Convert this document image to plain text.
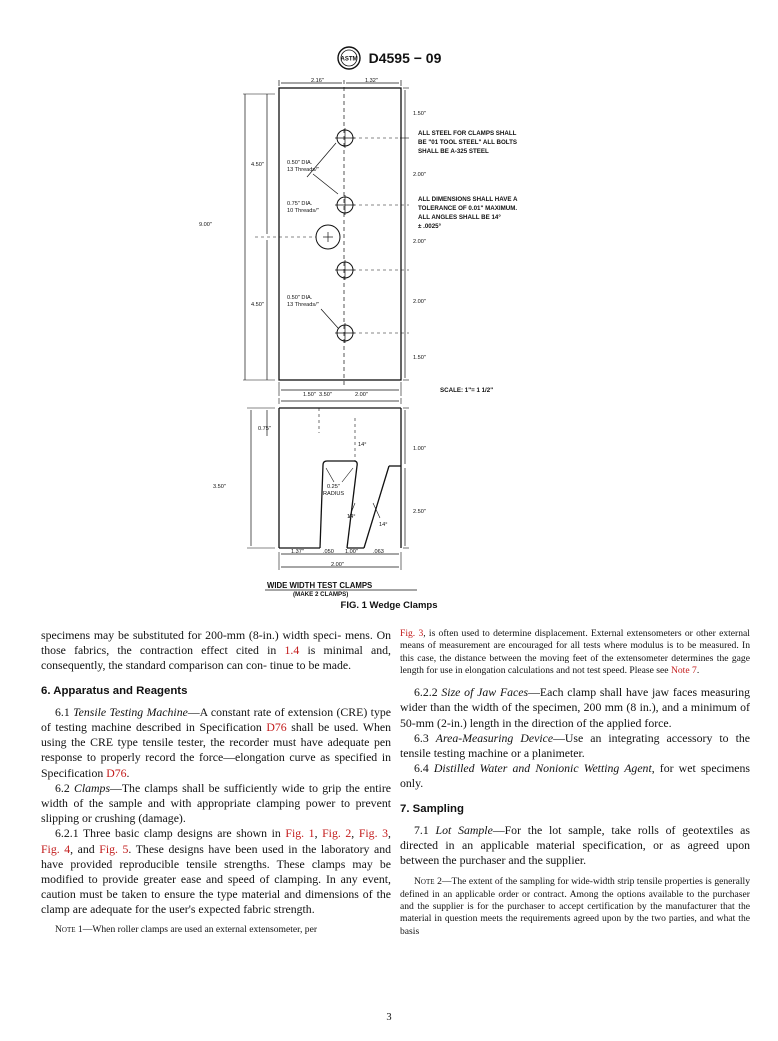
ASTM D4595 − 09
2.16"	1.32"
4.50"
9.00"
4.50"
0.50" DIA.
13 Threads/"
0.75" DIA.
10 Threads/"
0.50" DIA.
13 Threads/"
1.50"
2.00"
2.00"
2.00"
1.50"
ALL STEEL FOR CLAMPS SHALL
BE "01 TOOL STEEL" ALL BOLTS
SHALL BE A-325 STEEL
ALL DIMENSIONS SHALL HAVE A
TOLERANCE OF 0.01" MAXIMUM.
ALL ANGLES SHALL BE 14°
± .0025°
SCALE: 1"= 1 1/2"
1.50"	2.00"
3.50"
0.75"
3.50"
14°
0.25"
RADIUS
14°
14°
1.00"
2.50"
1.37"	.050 1.00"	.063
2.00"
WIDE WIDTH TEST CLAMPS
(MAKE 2 CLAMPS)
FIG. 1 Wedge Clamps

specimens may be substituted for 200-mm (8-in.) width speci- mens. On those fabrics, the contraction effect cited in 1.4 is minimal and, consequently, the standard comparison can con- tinue to be made.

6. Apparatus and Reagents

6.1 Tensile Testing Machine—A constant rate of extension (CRE) type of testing machine described in Specification D76 shall be used. When using the CRE type tensile tester, the recorder must have adequate pen response to properly record the force—elongation curve as specified in Specification D76.

6.2 Clamps—The clamps shall be sufficiently wide to grip the entire width of the sample and with appropriate clamping power to prevent slipping or crushing (damage).

6.2.1 Three basic clamp designs are shown in Fig. 1, Fig. 2, Fig. 3, Fig. 4, and Fig. 5. These designs have been used in the laboratory and have provided reproducible tensile strengths. These clamps may be modified to provide greater ease and speed of clamping. In any event, caution must be taken to ensure the type material and dimensions of the clamp are adequate for the user's expected fabric strength.

Note 1—When roller clamps are used an external extensometer, per

Fig. 3, is often used to determine displacement. External extensometers or other external means of measurement are encouraged for all tests where modulus is to be measured. In this case, the distance between the moving feet of the extensometer determines the gage length for use in elongation calculations and not test speed. Please see Note 7.

6.2.2 Size of Jaw Faces—Each clamp shall have jaw faces measuring wider than the width of the specimen, 200 mm (8 in.), and a minimum of 50-mm (2-in.) length in the direction of the applied force.

6.3 Area-Measuring Device—Use an integrating accessory to the tensile testing machine or a planimeter.

6.4 Distilled Water and Nonionic Wetting Agent, for wet specimens only.

7. Sampling

7.1 Lot Sample—For the lot sample, take rolls of geotextiles as directed in an applicable material specification, or as agreed upon between the purchaser and the supplier.

Note 2—The extent of the sampling for wide-width strip tensile properties is generally defined in an applicable order or contract. Among the options available to the purchaser and the supplier is for the purchaser to accept certification by the manufacturer that the material in question meets the requirements agreed upon by the two parties, and what the basis

3
